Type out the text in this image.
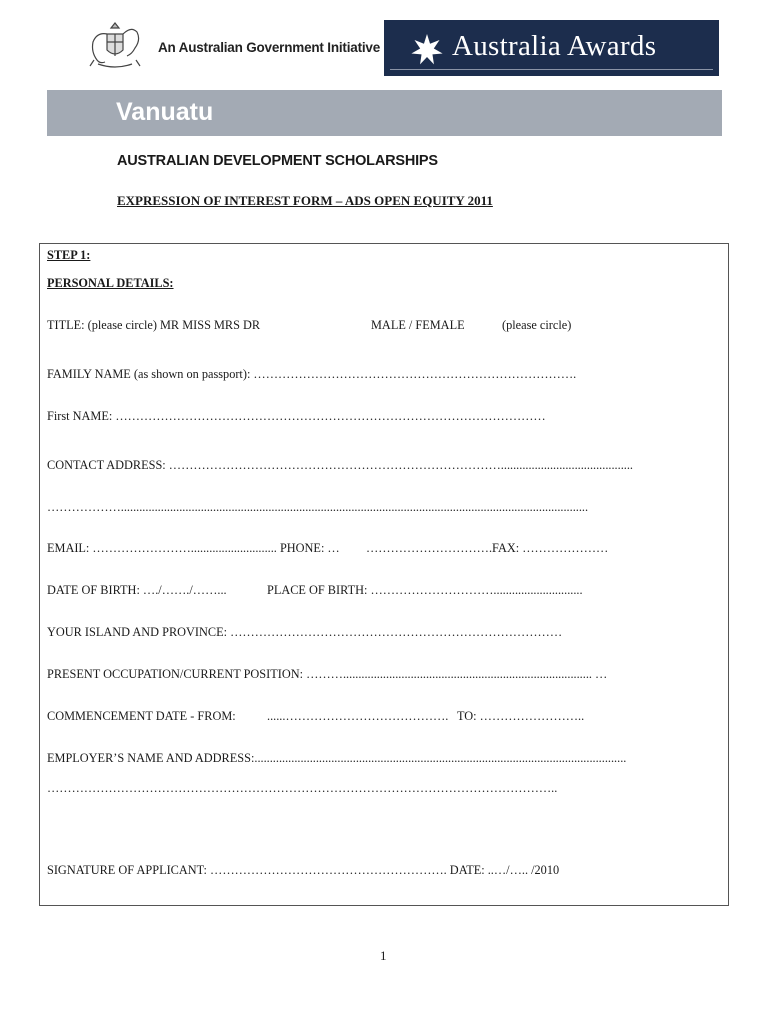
An Australian Government Initiative Australia Awards
Vanuatu
AUSTRALIAN DEVELOPMENT SCHOLARSHIPS
EXPRESSION OF INTEREST FORM – ADS OPEN EQUITY 2011
STEP 1:
PERSONAL DETAILS:
TITLE: (please circle) MR MISS MRS DR	MALE / FEMALE	(please circle)
FAMILY NAME (as shown on passport): …………………………………………………………………….
First NAME: ……………………………………………………………………………………………
CONTACT ADDRESS: ………………………………………………………………………...........................................
………………........................................................................................................................................................
EMAIL: ……………………............................ PHONE: … ………………………….FAX: …………………
DATE OF BIRTH: …./……./……...	PLACE OF BIRTH: ………………………….............................
YOUR ISLAND AND PROVINCE: ………………………………………………………………………
PRESENT OCCUPATION/CURRENT POSITION: ………................................................................................. …
COMMENCEMENT DATE - FROM:	......…………………………………. TO: ……………………..
EMPLOYER’S NAME AND ADDRESS:.........................................................................................................................
……………………………………………………………………………………………………………..
SIGNATURE OF APPLICANT: …………………………………………………. DATE: ..…/….. /2010
1
